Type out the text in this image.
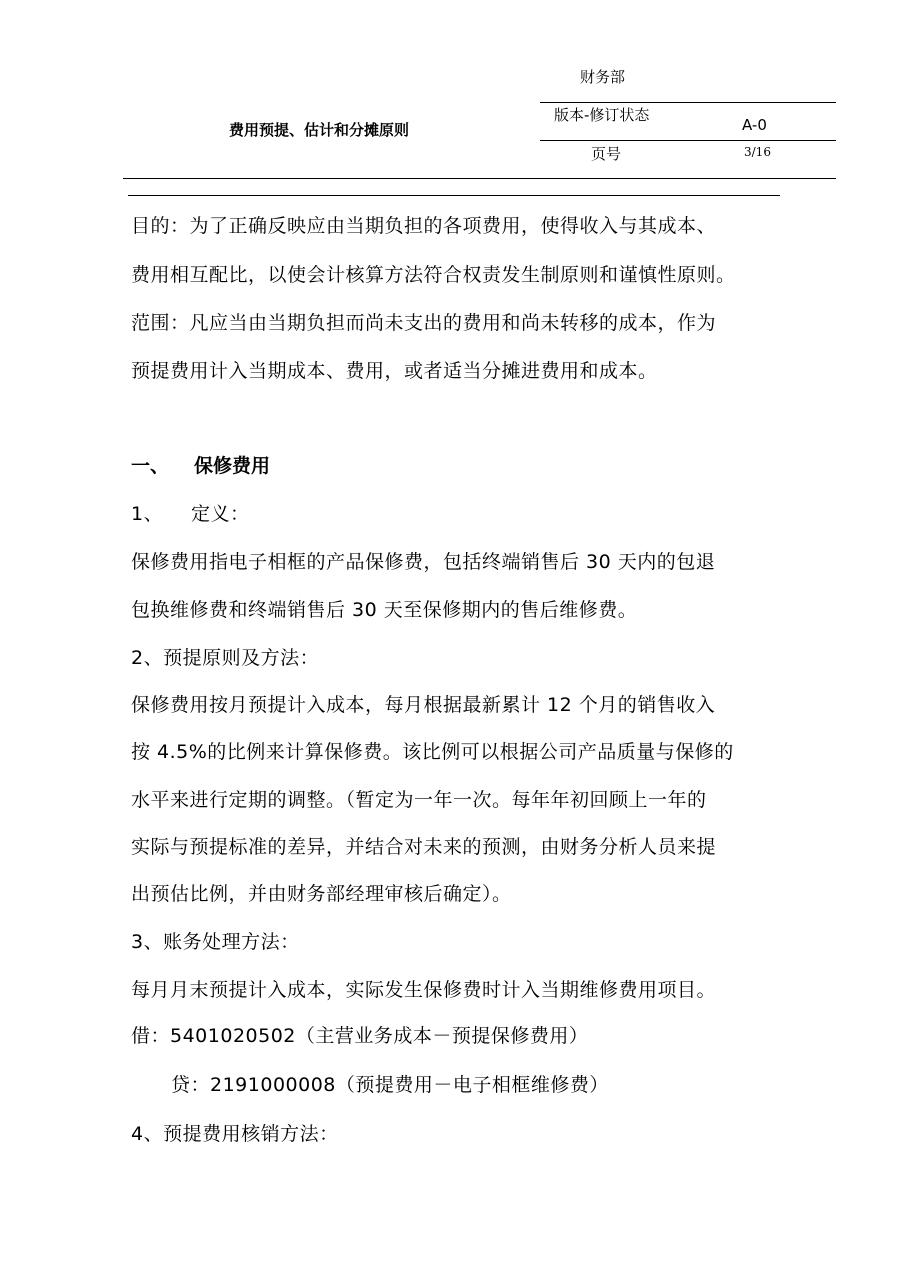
财务部
版本-修订状态
费用预提、估计和分摊原则	A-0
页号	3/16
目的：为了正确反映应由当期负担的各项费用，使得收入与其成本、
费用相互配比，以使会计核算方法符合权责发生制原则和谨慎性原则。
范围：凡应当由当期负担而尚未支出的费用和尚未转移的成本，作为
预提费用计入当期成本、费用，或者适当分摊进费用和成本。
一、 保修费用
1、 定义：
保修费用指电子相框的产品保修费，包括终端销售后 30 天内的包退
包换维修费和终端销售后 30 天至保修期内的售后维修费。
2、预提原则及方法：
保修费用按月预提计入成本，每月根据最新累计 12 个月的销售收入
按 4.5%的比例来计算保修费。该比例可以根据公司产品质量与保修的
水平来进行定期的调整。（暂定为一年一次。每年年初回顾上一年的
实际与预提标准的差异，并结合对未来的预测，由财务分析人员来提
出预估比例，并由财务部经理审核后确定）。
3、账务处理方法：
每月月末预提计入成本，实际发生保修费时计入当期维修费用项目。
借：5401020502（主营业务成本－预提保修费用）
贷：2191000008（预提费用－电子相框维修费）
4、预提费用核销方法：
